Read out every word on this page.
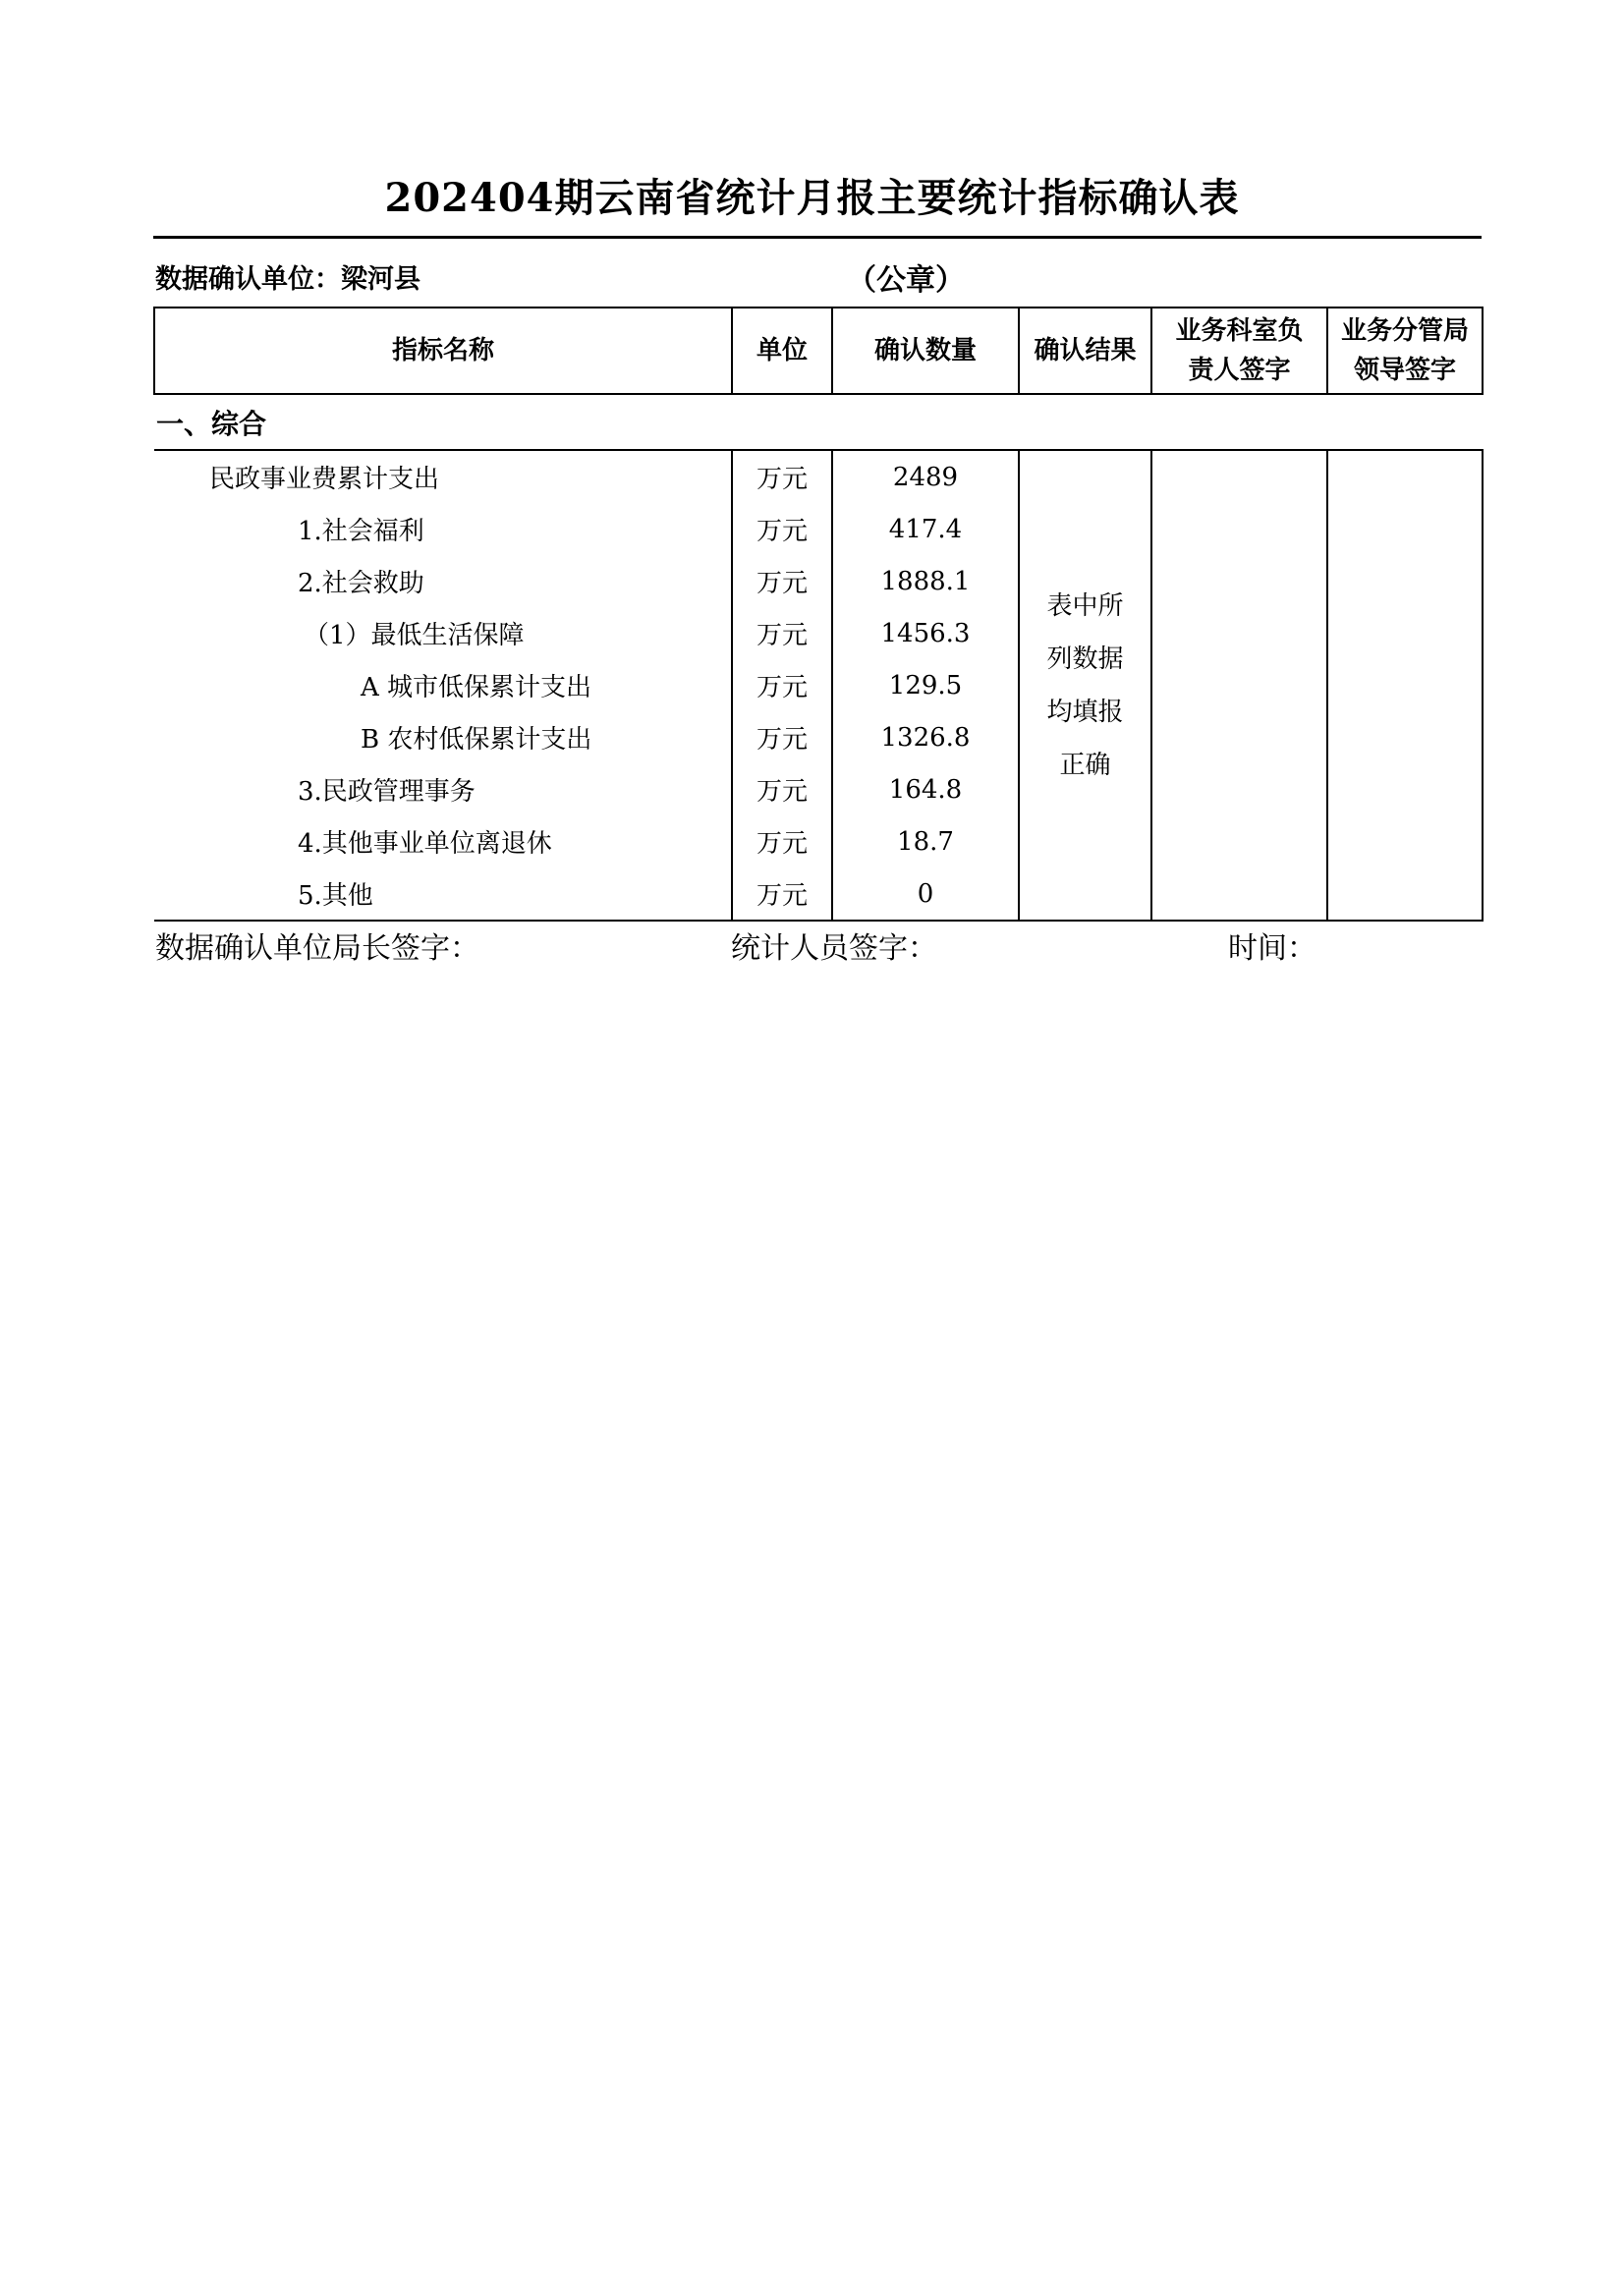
202404期云南省统计月报主要统计指标确认表
数据确认单位：梁河县	（公章）
指标名称	单位	确认数量	确认结果	业务科室负
责人签字	业务分管局
领导签字
一、综合					
民政事业费累计支出	万元	2489	表中所
列数据
均填报
正确		

1.社会福利	万元	417.4			
2.社会救助	万元	1888.1			
（1）最低生活保障	万元	1456.3			
A 城市低保累计支出	万元	129.5			
B 农村低保累计支出	万元	1326.8			
3.民政管理事务	万元	164.8			
4.其他事业单位离退休	万元	18.7			
5.其他	万元	0			
数据确认单位局长签字：	统计人员签字：	时间：
